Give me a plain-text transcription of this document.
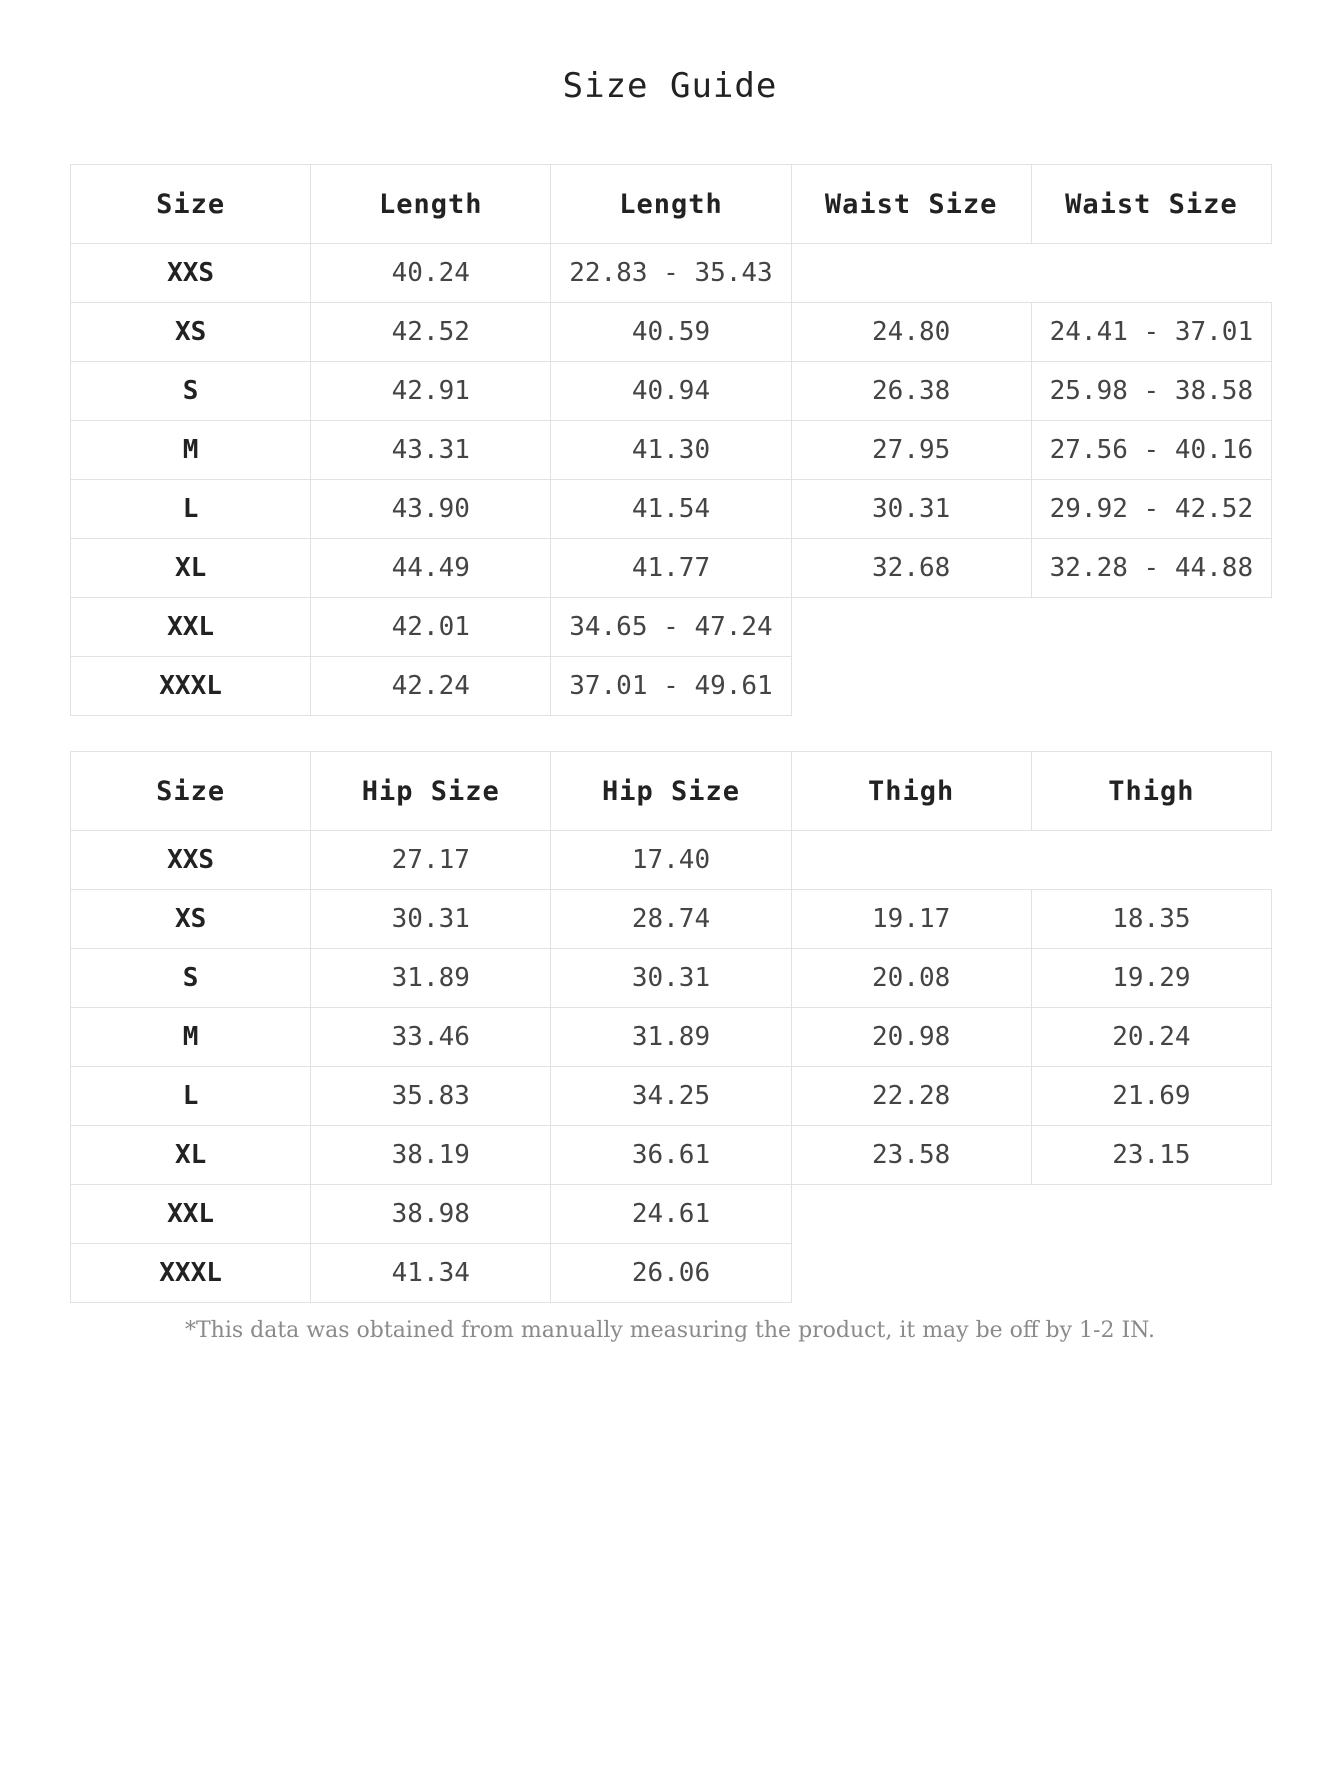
Size Guide
Size	Length	Length	Waist Size	Waist Size
XXS	40.24	22.83 - 35.43		
XS	42.52	40.59	24.80	24.41 - 37.01
S	42.91	40.94	26.38	25.98 - 38.58
M	43.31	41.30	27.95	27.56 - 40.16
L	43.90	41.54	30.31	29.92 - 42.52
XL	44.49	41.77	32.68	32.28 - 44.88
XXL	42.01	34.65 - 47.24		
XXXL	42.24	37.01 - 49.61		
Size	Hip Size	Hip Size	Thigh	Thigh
XXS	27.17	17.40		
XS	30.31	28.74	19.17	18.35
S	31.89	30.31	20.08	19.29
M	33.46	31.89	20.98	20.24
L	35.83	34.25	22.28	21.69
XL	38.19	36.61	23.58	23.15
XXL	38.98	24.61		
XXXL	41.34	26.06		

*This data was obtained from manually measuring the product, it may be off by 1-2 IN.
